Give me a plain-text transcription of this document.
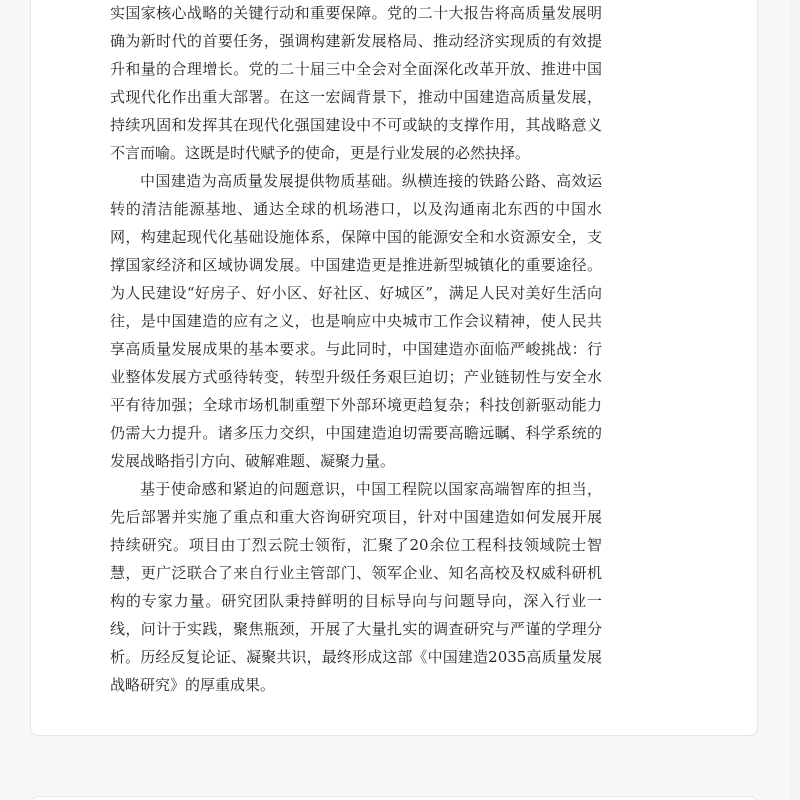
实国家核心战略的关键行动和重要保障。党的二十大报告将高质量发展明确为新时代的首要任务，强调构建新发展格局、推动经济实现质的有效提升和量的合理增长。党的二十届三中全会对全面深化改革开放、推进中国式现代化作出重大部署。在这一宏阔背景下，推动中国建造高质量发展，持续巩固和发挥其在现代化强国建设中不可或缺的支撑作用，其战略意义不言而喻。这既是时代赋予的使命，更是行业发展的必然抉择。

中国建造为高质量发展提供物质基础。纵横连接的铁路公路、高效运转的清洁能源基地、通达全球的机场港口，以及沟通南北东西的中国水网，构建起现代化基础设施体系，保障中国的能源安全和水资源安全，支撑国家经济和区域协调发展。中国建造更是推进新型城镇化的重要途径。为人民建设“好房子、好小区、好社区、好城区”，满足人民对美好生活向往，是中国建造的应有之义，也是响应中央城市工作会议精神，使人民共享高质量发展成果的基本要求。与此同时，中国建造亦面临严峻挑战：行业整体发展方式亟待转变，转型升级任务艰巨迫切；产业链韧性与安全水平有待加强；全球市场机制重塑下外部环境更趋复杂；科技创新驱动能力仍需大力提升。诸多压力交织，中国建造迫切需要高瞻远瞩、科学系统的发展战略指引方向、破解难题、凝聚力量。

基于使命感和紧迫的问题意识，中国工程院以国家高端智库的担当，先后部署并实施了重点和重大咨询研究项目，针对中国建造如何发展开展持续研究。项目由丁烈云院士领衔，汇聚了20余位工程科技领域院士智慧，更广泛联合了来自行业主管部门、领军企业、知名高校及权威科研机构的专家力量。研究团队秉持鲜明的目标导向与问题导向，深入行业一线，问计于实践，聚焦瓶颈，开展了大量扎实的调查研究与严谨的学理分析。历经反复论证、凝聚共识，最终形成这部《中国建造2035高质量发展战略研究》的厚重成果。
